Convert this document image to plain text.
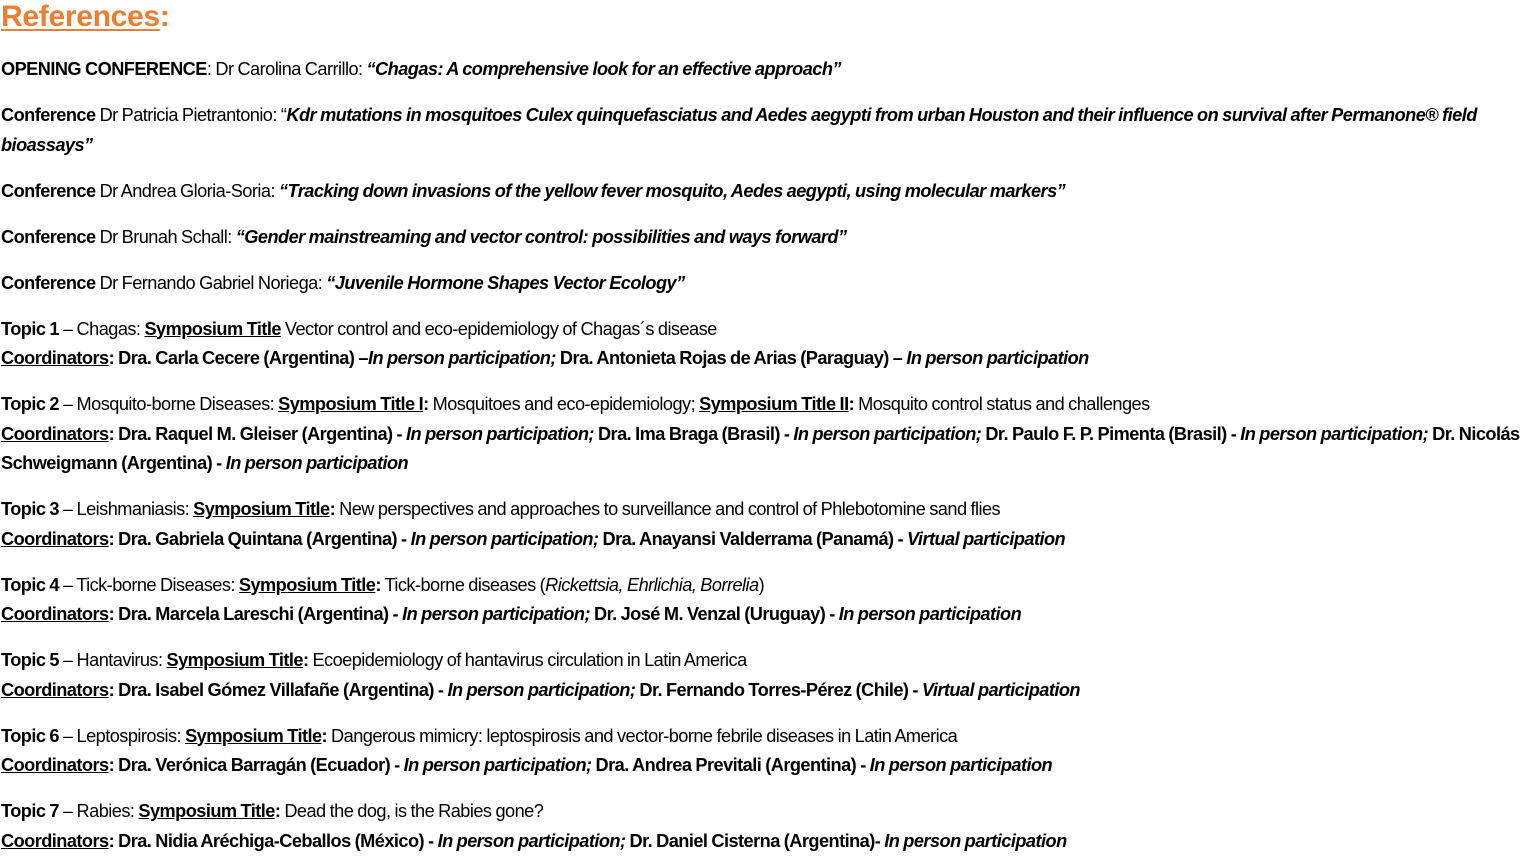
References:

OPENING CONFERENCE: Dr Carolina Carrillo: “Chagas: A comprehensive look for an effective approach”

Conference Dr Patricia Pietrantonio: “Kdr mutations in mosquitoes Culex quinquefasciatus and Aedes aegypti from urban Houston and their influence on survival after Permanone® field bioassays”

Conference Dr Andrea Gloria-Soria: “Tracking down invasions of the yellow fever mosquito, Aedes aegypti, using molecular markers”

Conference Dr Brunah Schall: “Gender mainstreaming and vector control: possibilities and ways forward”

Conference Dr Fernando Gabriel Noriega: “Juvenile Hormone Shapes Vector Ecology”

Topic 1 – Chagas: Symposium Title Vector control and eco-epidemiology of Chagas´s disease

Coordinators: Dra. Carla Cecere (Argentina) –In person participation; Dra. Antonieta Rojas de Arias (Paraguay) – In person participation

Topic 2 – Mosquito-borne Diseases: Symposium Title I: Mosquitoes and eco-epidemiology; Symposium Title II: Mosquito control status and challenges

Coordinators: Dra. Raquel M. Gleiser (Argentina) - In person participation; Dra. Ima Braga (Brasil) - In person participation; Dr. Paulo F. P. Pimenta (Brasil) - In person participation; Dr. Nicolás Schweigmann (Argentina) - In person participation

Topic 3 – Leishmaniasis: Symposium Title: New perspectives and approaches to surveillance and control of Phlebotomine sand flies

Coordinators: Dra. Gabriela Quintana (Argentina) - In person participation; Dra. Anayansi Valderrama (Panamá) - Virtual participation

Topic 4 – Tick-borne Diseases: Symposium Title: Tick-borne diseases (Rickettsia, Ehrlichia, Borrelia)

Coordinators: Dra. Marcela Lareschi (Argentina) - In person participation; Dr. José M. Venzal (Uruguay) - In person participation

Topic 5 – Hantavirus: Symposium Title: Ecoepidemiology of hantavirus circulation in Latin America

Coordinators: Dra. Isabel Gómez Villafañe (Argentina) - In person participation; Dr. Fernando Torres-Pérez (Chile) - Virtual participation

Topic 6 – Leptospirosis: Symposium Title: Dangerous mimicry: leptospirosis and vector-borne febrile diseases in Latin America

Coordinators: Dra. Verónica Barragán (Ecuador) - In person participation; Dra. Andrea Previtali (Argentina) - In person participation

Topic 7 – Rabies: Symposium Title: Dead the dog, is the Rabies gone?

Coordinators: Dra. Nidia Aréchiga-Ceballos (México) - In person participation; Dr. Daniel Cisterna (Argentina)- In person participation
